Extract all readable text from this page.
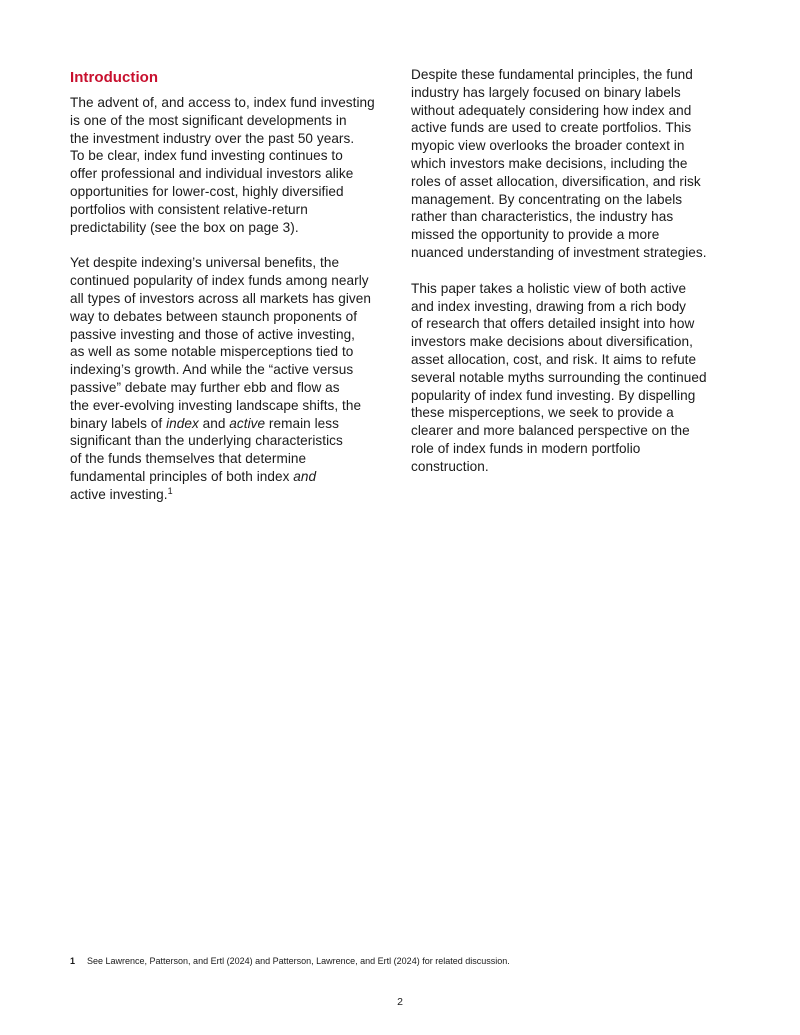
Introduction

The advent of, and access to, index fund investing
is one of the most significant developments in
the investment industry over the past 50 years.
To be clear, index fund investing continues to
offer professional and individual investors alike
opportunities for lower-cost, highly diversified
portfolios with consistent relative-return
predictability (see the box on page 3).

Yet despite indexing’s universal benefits, the
continued popularity of index funds among nearly
all types of investors across all markets has given
way to debates between staunch proponents of
passive investing and those of active investing,
as well as some notable misperceptions tied to
indexing’s growth. And while the “active versus
passive” debate may further ebb and flow as
the ever-evolving investing landscape shifts, the
binary labels of index and active remain less
significant than the underlying characteristics
of the funds themselves that determine
fundamental principles of both index and
active investing.$^1$

Despite these fundamental principles, the fund
industry has largely focused on binary labels
without adequately considering how index and
active funds are used to create portfolios. This
myopic view overlooks the broader context in
which investors make decisions, including the
roles of asset allocation, diversification, and risk
management. By concentrating on the labels
rather than characteristics, the industry has
missed the opportunity to provide a more
nuanced understanding of investment strategies.

This paper takes a holistic view of both active
and index investing, drawing from a rich body
of research that offers detailed insight into how
investors make decisions about diversification,
asset allocation, cost, and risk. It aims to refute
several notable myths surrounding the continued
popularity of index fund investing. By dispelling
these misperceptions, we seek to provide a
clearer and more balanced perspective on the
role of index funds in modern portfolio
construction.

1 See Lawrence, Patterson, and Ertl (2024) and Patterson, Lawrence, and Ertl (2024) for related discussion.
2
